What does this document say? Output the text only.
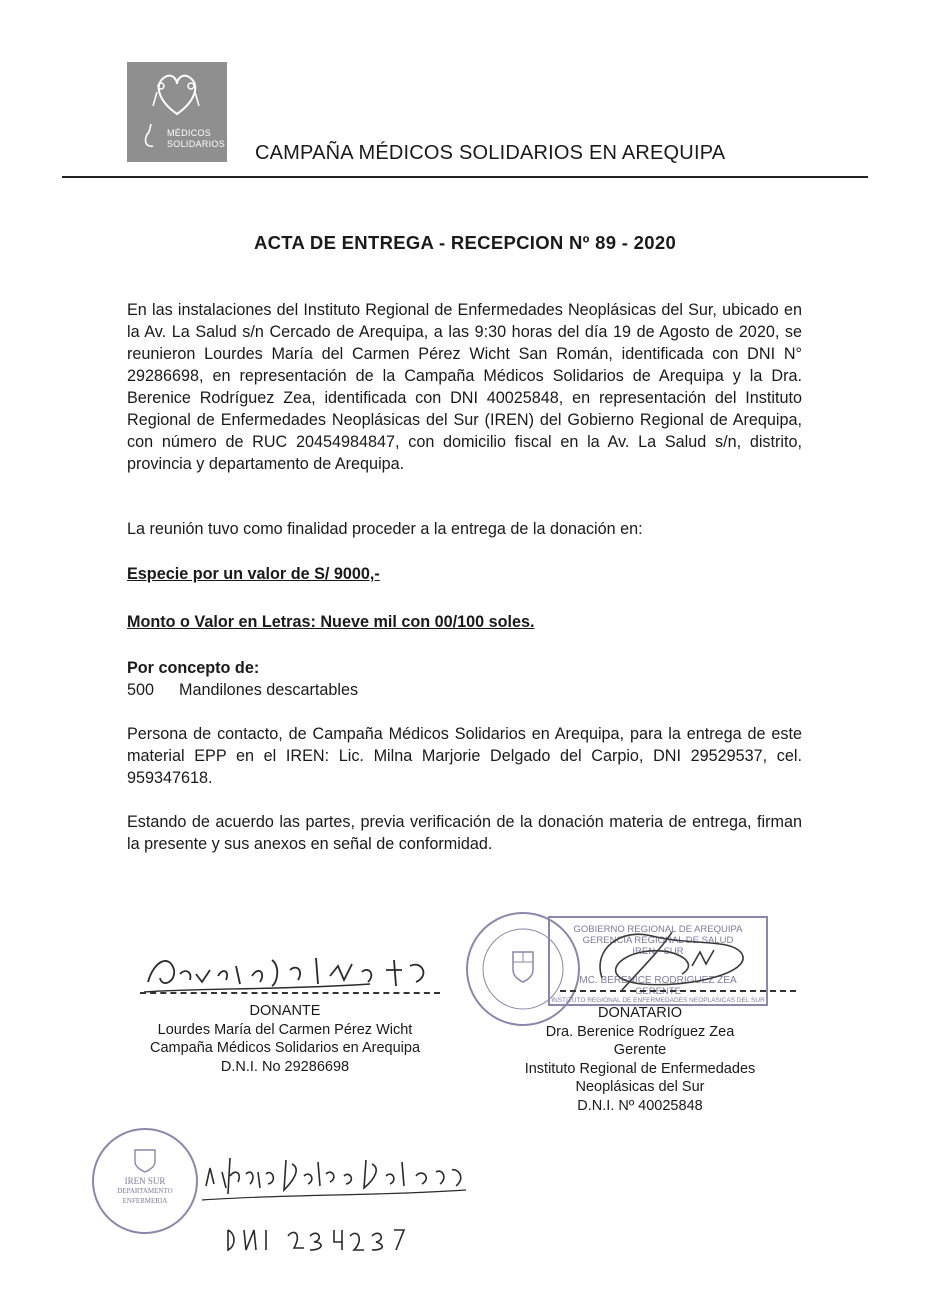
MÉDICOS
SOLIDARIOS CAMPAÑA MÉDICOS SOLIDARIOS EN AREQUIPA
ACTA DE ENTREGA - RECEPCION Nº 89 - 2020

En las instalaciones del Instituto Regional de Enfermedades Neoplásicas del Sur, ubicado en la Av. La Salud s/n Cercado de Arequipa, a las 9:30 horas del día 19 de Agosto de 2020, se reunieron Lourdes María del Carmen Pérez Wicht San Román, identificada con DNI N° 29286698, en representación de la Campaña Médicos Solidarios de Arequipa y la Dra. Berenice Rodríguez Zea, identificada con DNI 40025848, en representación del Instituto Regional de Enfermedades Neoplásicas del Sur (IREN) del Gobierno Regional de Arequipa, con número de RUC 20454984847, con domicilio fiscal en la Av. La Salud s/n, distrito, provincia y departamento de Arequipa.

La reunión tuvo como finalidad proceder a la entrega de la donación en:
Especie por un valor de S/ 9000,-
Monto o Valor en Letras: Nueve mil con 00/100 soles.
Por concepto de:
500 Mandilones descartables

Persona de contacto, de Campaña Médicos Solidarios en Arequipa, para la entrega de este material EPP en el IREN: Lic. Milna Marjorie Delgado del Carpio, DNI 29529537, cel. 959347618.

Estando de acuerdo las partes, previa verificación de la donación materia de entrega, firman la presente y sus anexos en señal de conformidad.

DONANTE
Lourdes María del Carmen Pérez Wicht
Campaña Médicos Solidarios en Arequipa
D.N.I. No 29286698
GOBIERNO REGIONAL DE AREQUIPA
GERENCIA REGIONAL DE SALUD
IREN - SUR
MC. BERENICE RODRIGUEZ ZEA
GERENTE
INSTITUTO REGIONAL DE ENFERMEDADES NEOPLASICAS DEL SUR
DONATARIO
Dra. Berenice Rodríguez Zea
Gerente
Instituto Regional de Enfermedades
Neoplásicas del Sur
D.N.I. Nº 40025848
IREN SUR
DEPARTAMENTO
ENFERMERIA
